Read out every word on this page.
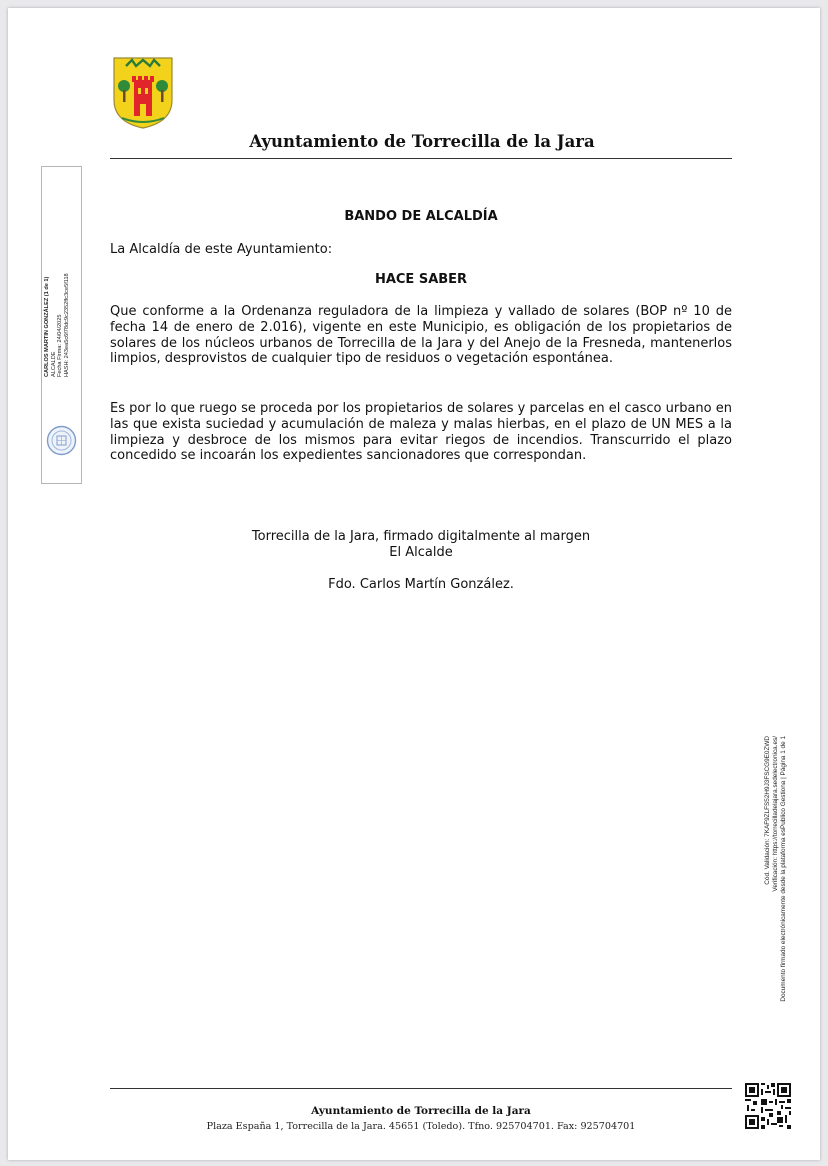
Ayuntamiento de Torrecilla de la Jara
CARLOS MARTIN GONZÁLEZ (1 de 1) ALCALDE Fecha Firma: 24/04/2025 HASH: 243ea5c6f78dc9c2352ffc3ce5f118
BANDO DE ALCALDÍA
La Alcaldía de este Ayuntamiento:
HACE SABER

Que conforme a la Ordenanza reguladora de la limpieza y vallado de solares (BOP nº 10 de fecha 14 de enero de 2.016), vigente en este Municipio, es obligación de los propietarios de solares de los núcleos urbanos de Torrecilla de la Jara y del Anejo de la Fresneda, mantenerlos limpios, desprovistos de cualquier tipo de residuos o vegetación espontánea.

Es por lo que ruego se proceda por los propietarios de solares y parcelas en el casco urbano en las que exista suciedad y acumulación de maleza y malas hierbas, en el plazo de UN MES a la limpieza y desbroce de los mismos para evitar riegos de incendios. Transcurrido el plazo concedido se incoarán los expedientes sancionadores que correspondan.

Torrecilla de la Jara, firmado digitalmente al margen
El Alcalde
Fdo. Carlos Martín González.
Cód. Validación: 7KAF9ZLFS52H9J3FSCG9E0ZWD Verificación: https://torrecilladelajara.sedelectronica.es/ Documento firmado electrónicamente desde la plataforma esPublico Gestiona | Página 1 de 1
Ayuntamiento de Torrecilla de la Jara
Plaza España 1, Torrecilla de la Jara. 45651 (Toledo). Tfno. 925704701. Fax: 925704701
